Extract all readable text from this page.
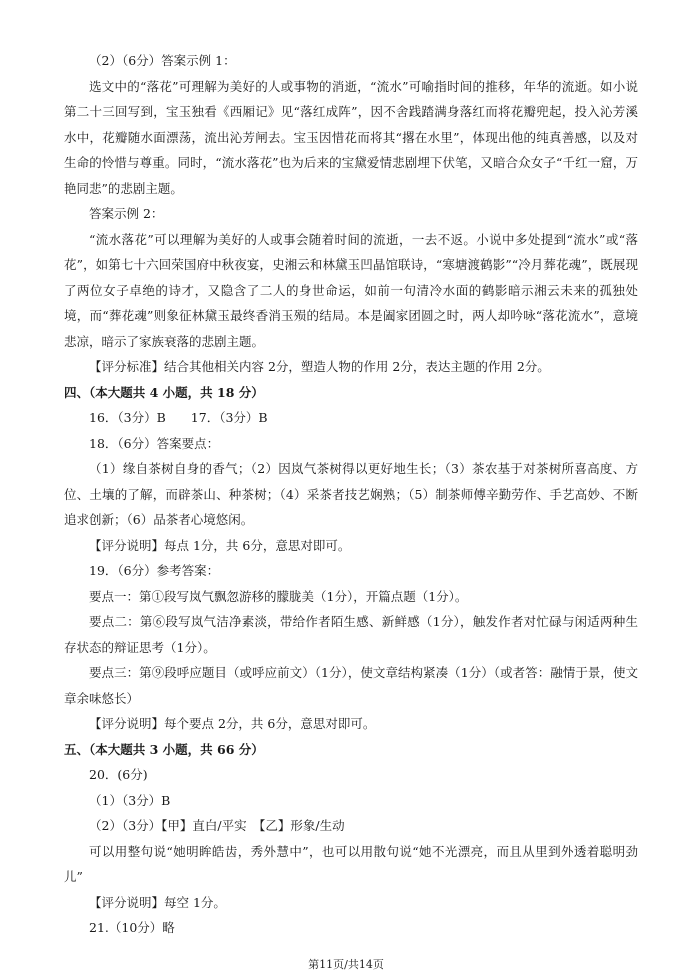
（2）（6分）答案示例 1：

选文中的“落花”可理解为美好的人或事物的消逝，“流水”可喻指时间的推移，年华的流逝。如小说第二十三回写到，宝玉独看《西厢记》见“落红成阵”，因不舍践踏满身落红而将花瓣兜起，投入沁芳溪水中，花瓣随水面漂荡，流出沁芳闸去。宝玉因惜花而将其“撂在水里”，体现出他的纯真善感，以及对生命的怜惜与尊重。同时，“流水落花”也为后来的宝黛爱情悲剧埋下伏笔，又暗合众女子“千红一窟，万艳同悲”的悲剧主题。

答案示例 2：

“流水落花”可以理解为美好的人或事会随着时间的流逝，一去不返。小说中多处提到“流水”或“落花”，如第七十六回荣国府中秋夜宴，史湘云和林黛玉凹晶馆联诗，“寒塘渡鹤影”“冷月葬花魂”，既展现了两位女子卓绝的诗才，又隐含了二人的身世命运，如前一句清冷水面的鹤影暗示湘云未来的孤独处境，而“葬花魂”则象征林黛玉最终香消玉殒的结局。本是阖家团圆之时，两人却吟咏“落花流水”，意境悲凉，暗示了家族衰落的悲剧主题。

【评分标准】结合其他相关内容 2分，塑造人物的作用 2分，表达主题的作用 2分。

四、（本大题共 4 小题，共 18 分）

16．（3分）B　　17．（3分）B

18．（6分）答案要点：

（1）缘自茶树自身的香气；（2）因岚气茶树得以更好地生长；（3）茶农基于对茶树所喜高度、方位、土壤的了解，而辟茶山、种茶树；（4）采茶者技艺娴熟；（5）制茶师傅辛勤劳作、手艺高妙、不断追求创新；（6）品茶者心境悠闲。

【评分说明】每点 1分，共 6分，意思对即可。

19．（6分）参考答案：

要点一：第①段写岚气飘忽游移的朦胧美（1分），开篇点题（1分）。

要点二：第⑥段写岚气洁净素淡，带给作者陌生感、新鲜感（1分），触发作者对忙碌与闲适两种生存状态的辩证思考（1分）。

要点三：第⑨段呼应题目（或呼应前文）（1分），使文章结构紧凑（1分）（或者答：融情于景，使文章余味悠长）

【评分说明】每个要点 2分，共 6分，意思对即可。

五、（本大题共 3 小题，共 66 分）

20．(6分)

（1）（3分）B

（2）（3分）【甲】直白/平实　【乙】形象/生动

可以用整句说“她明眸皓齿，秀外慧中”，也可以用散句说“她不光漂亮，而且从里到外透着聪明劲儿”

【评分说明】每空 1分。

21.（10分）略

第11页/共14页
